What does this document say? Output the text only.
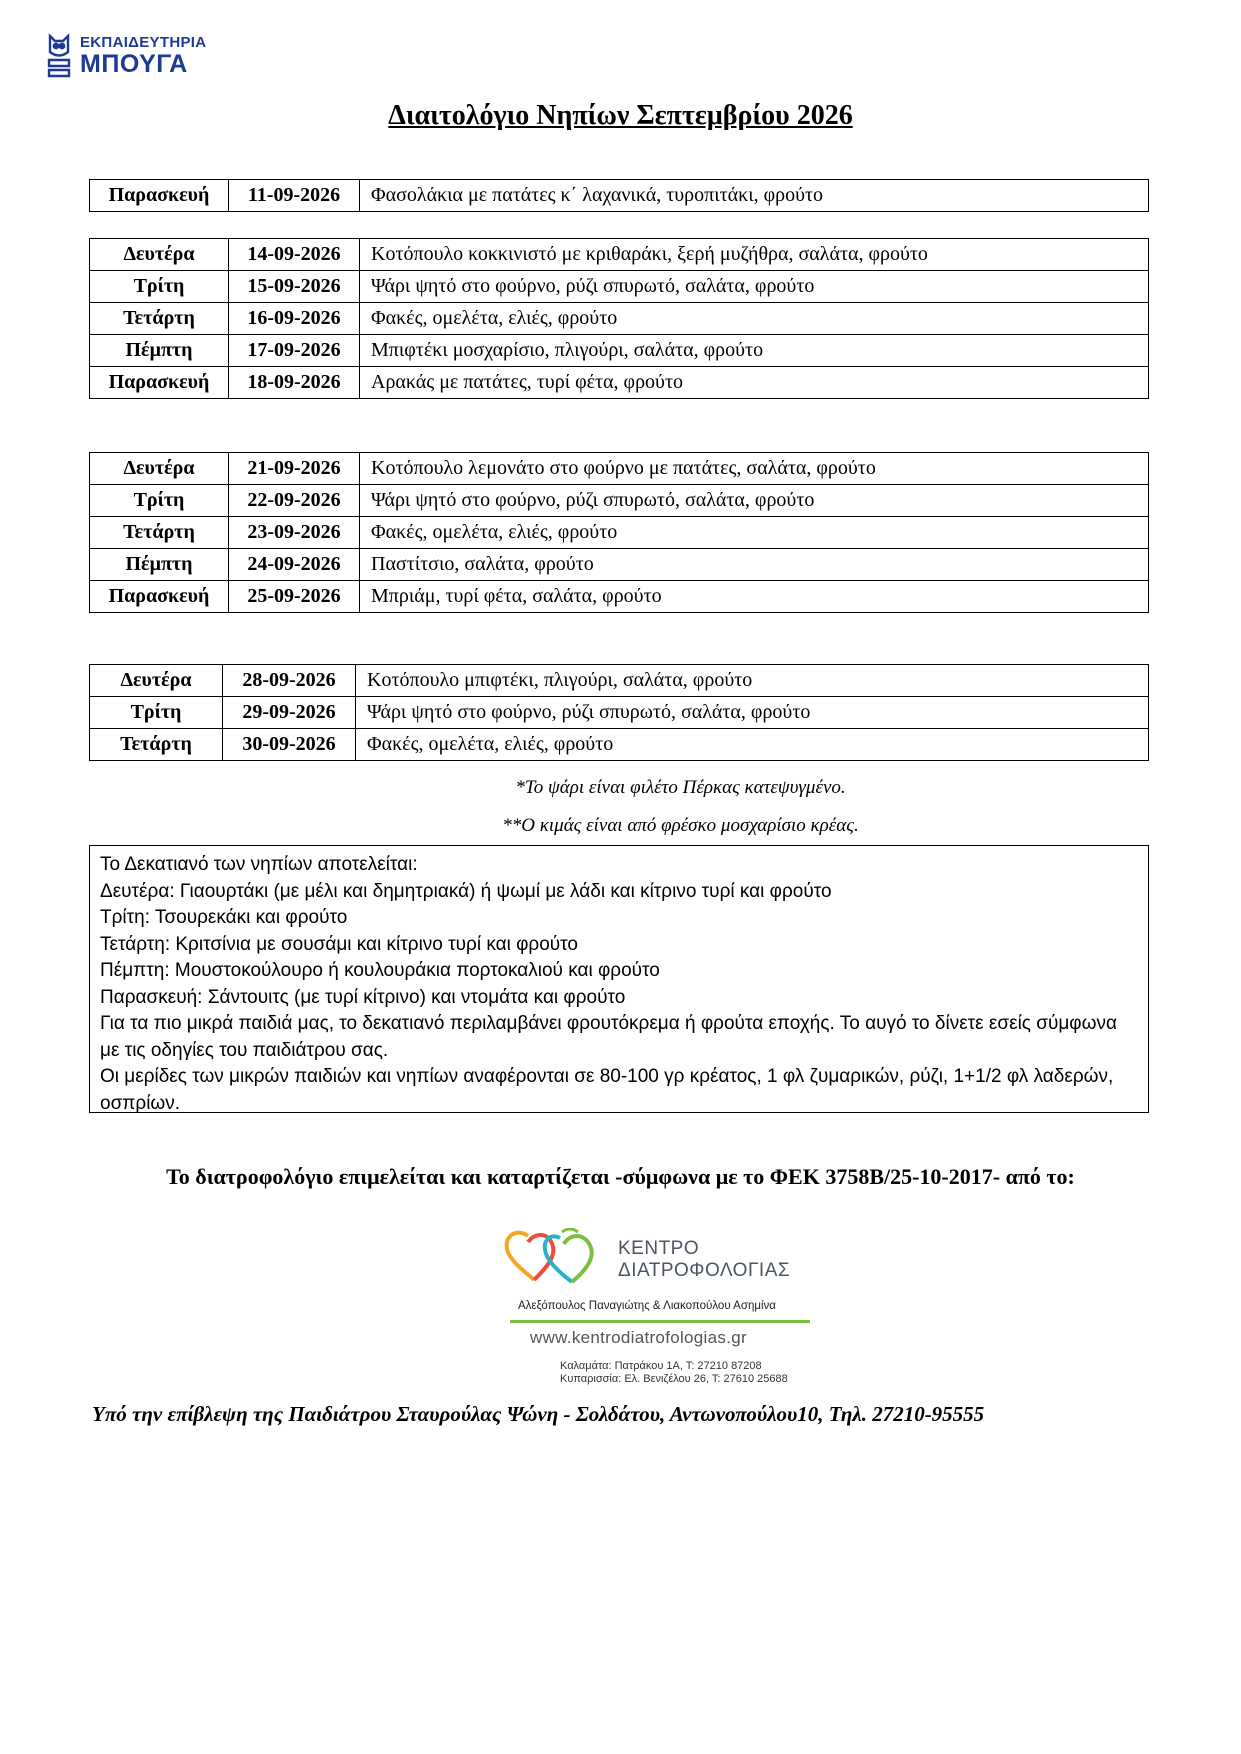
ΕΚΠΑΙΔΕΥΤΗΡΙΑ
ΜΠΟΥΓΑ
Διαιτολόγιο Νηπίων Σεπτεμβρίου 2026
Παρασκευή	11-09-2026	Φασολάκια με πατάτες κ΄ λαχανικά, τυροπιτάκι, φρούτο
Δευτέρα	14-09-2026	Κοτόπουλο κοκκινιστό με κριθαράκι, ξερή μυζήθρα, σαλάτα, φρούτο
Τρίτη	15-09-2026	Ψάρι ψητό στο φούρνο, ρύζι σπυρωτό, σαλάτα, φρούτο
Τετάρτη	16-09-2026	Φακές, ομελέτα, ελιές, φρούτο
Πέμπτη	17-09-2026	Μπιφτέκι μοσχαρίσιο, πλιγούρι, σαλάτα, φρούτο
Παρασκευή	18-09-2026	Αρακάς με πατάτες, τυρί φέτα, φρούτο
Δευτέρα	21-09-2026	Κοτόπουλο λεμονάτο στο φούρνο με πατάτες, σαλάτα, φρούτο
Τρίτη	22-09-2026	Ψάρι ψητό στο φούρνο, ρύζι σπυρωτό, σαλάτα, φρούτο
Τετάρτη	23-09-2026	Φακές, ομελέτα, ελιές, φρούτο
Πέμπτη	24-09-2026	Παστίτσιο, σαλάτα, φρούτο
Παρασκευή	25-09-2026	Μπριάμ, τυρί φέτα, σαλάτα, φρούτο
Δευτέρα	28-09-2026	Κοτόπουλο μπιφτέκι, πλιγούρι, σαλάτα, φρούτο
Τρίτη	29-09-2026	Ψάρι ψητό στο φούρνο, ρύζι σπυρωτό, σαλάτα, φρούτο
Τετάρτη	30-09-2026	Φακές, ομελέτα, ελιές, φρούτο
*Το ψάρι είναι φιλέτο Πέρκας κατεψυγμένο.
**Ο κιμάς είναι από φρέσκο μοσχαρίσιο κρέας.
Το Δεκατιανό των νηπίων αποτελείται:
Δευτέρα: Γιαουρτάκι (με μέλι και δημητριακά) ή ψωμί με λάδι και κίτρινο τυρί και φρούτο
Τρίτη: Τσουρεκάκι και φρούτο
Τετάρτη: Κριτσίνια με σουσάμι και κίτρινο τυρί και φρούτο
Πέμπτη: Μουστοκούλουρο ή κουλουράκια πορτοκαλιού και φρούτο
Παρασκευή: Σάντουιτς (με τυρί κίτρινο) και ντομάτα και φρούτο
Για τα πιο μικρά παιδιά μας, το δεκατιανό περιλαμβάνει φρουτόκρεμα ή φρούτα εποχής. Το αυγό το δίνετε εσείς σύμφωνα με τις οδηγίες του παιδιάτρου σας.
Οι μερίδες των μικρών παιδιών και νηπίων αναφέρονται σε 80-100 γρ κρέατος, 1 φλ ζυμαρικών, ρύζι, 1+1/2 φλ λαδερών, οσπρίων.
Το διατροφολόγιο επιμελείται και καταρτίζεται -σύμφωνα με το ΦΕΚ 3758Β/25-10-2017- από το:
ΚΕΝΤΡΟ
ΔΙΑΤΡΟΦΟΛΟΓΙΑΣ
Αλεξόπουλος Παναγιώτης & Λιακοπούλου Ασημίνα
www.kentrodiatrofologias.gr
Καλαμάτα: Πατράκου 1Α, Τ: 27210 87208
Κυπαρισσία: Ελ. Βενιζέλου 26, Τ: 27610 25688
Υπό την επίβλεψη της Παιδιάτρου Σταυρούλας Ψώνη - Σολδάτου, Αντωνοπούλου10, Τηλ. 27210-95555
